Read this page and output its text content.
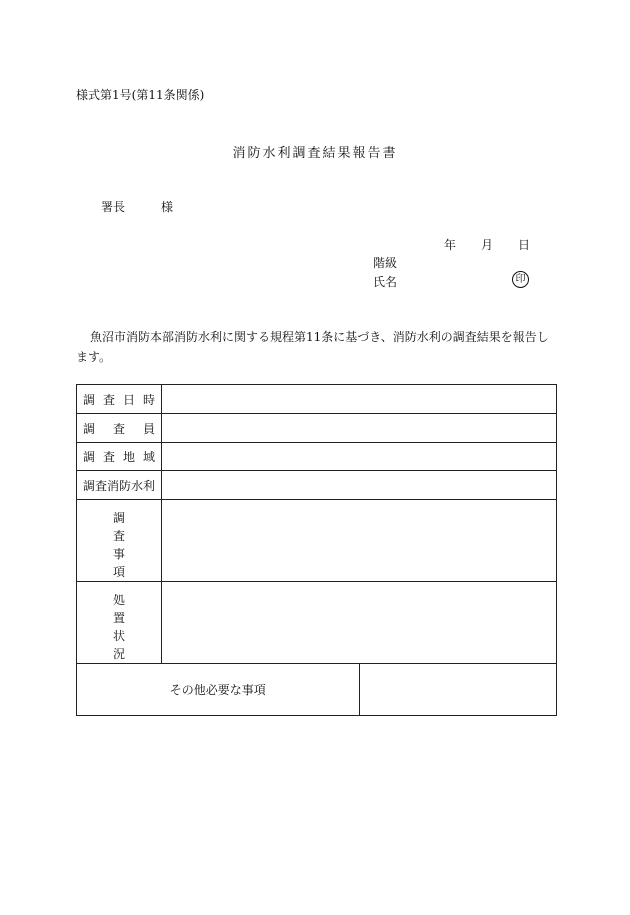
様式第1号(第11条関係)
消防水利調査結果報告書
署長	様
年 月 日
階級
氏名	印
魚沼市消防本部消防水利に関する規程第11条に基づき、消防水利の調査結果を報告します。
調査日時		

調査員		

調査地域		

調査消防水利		

調
査
事
項		

処
置
状
況		

その他必要な事項		
